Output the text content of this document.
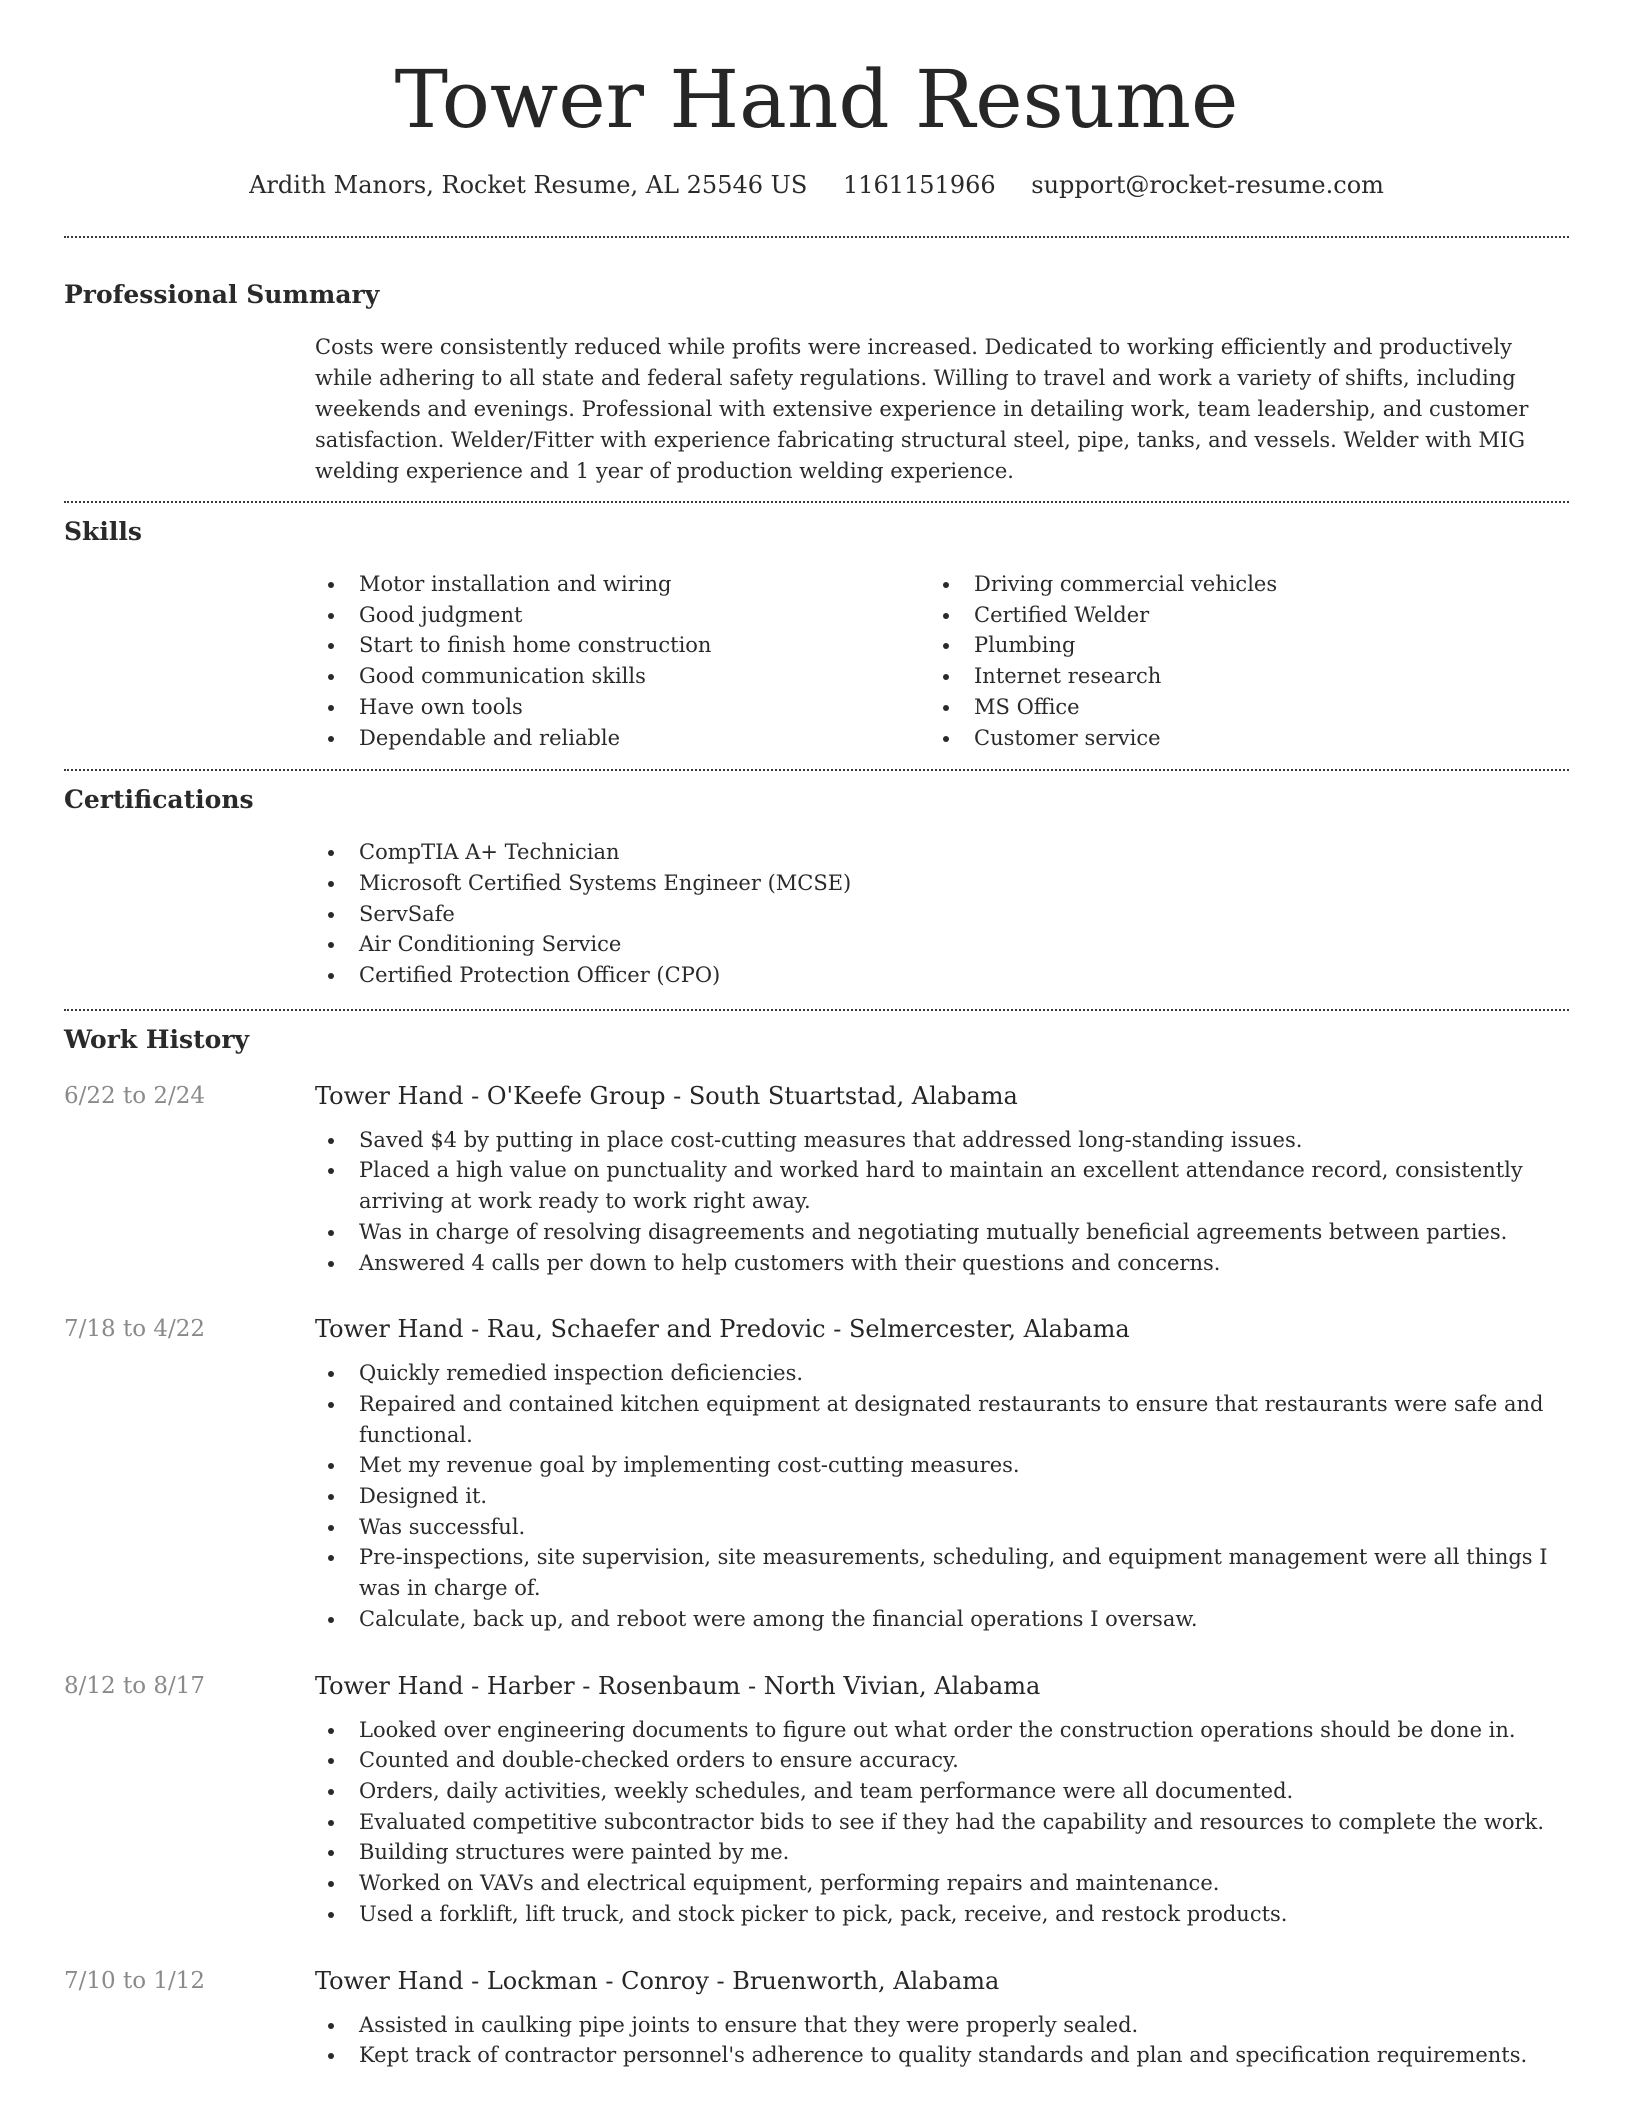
Tower Hand Resume
Ardith Manors, Rocket Resume, AL 25546 US 1161151966 support@rocket-resume.com
Professional Summary

Costs were consistently reduced while profits were increased. Dedicated to working efficiently and productively while adhering to all state and federal safety regulations. Willing to travel and work a variety of shifts, including weekends and evenings. Professional with extensive experience in detailing work, team leadership, and customer satisfaction. Welder/Fitter with experience fabricating structural steel, pipe, tanks, and vessels. Welder with MIG welding experience and 1 year of production welding experience.

Skills
Motor installation and wiring
Good judgment
Start to finish home construction
Good communication skills
Have own tools
Dependable and reliable
Driving commercial vehicles
Certified Welder
Plumbing
Internet research
MS Office
Customer service
Certifications
CompTIA A+ Technician
Microsoft Certified Systems Engineer (MCSE)
ServSafe
Air Conditioning Service
Certified Protection Officer (CPO)
Work History
6/22 to 2/24	Tower Hand - O'Keefe Group - South Stuartstad, Alabama
Saved $4 by putting in place cost-cutting measures that addressed long-standing issues.
Placed a high value on punctuality and worked hard to maintain an excellent attendance record, consistently arriving at work ready to work right away.
Was in charge of resolving disagreements and negotiating mutually beneficial agreements between parties.
Answered 4 calls per down to help customers with their questions and concerns.
7/18 to 4/22	Tower Hand - Rau, Schaefer and Predovic - Selmercester, Alabama
Quickly remedied inspection deficiencies.
Repaired and contained kitchen equipment at designated restaurants to ensure that restaurants were safe and functional.
Met my revenue goal by implementing cost-cutting measures.
Designed it.
Was successful.
Pre-inspections, site supervision, site measurements, scheduling, and equipment management were all things I was in charge of.
Calculate, back up, and reboot were among the financial operations I oversaw.
8/12 to 8/17	Tower Hand - Harber - Rosenbaum - North Vivian, Alabama
Looked over engineering documents to figure out what order the construction operations should be done in.
Counted and double-checked orders to ensure accuracy.
Orders, daily activities, weekly schedules, and team performance were all documented.
Evaluated competitive subcontractor bids to see if they had the capability and resources to complete the work.
Building structures were painted by me.
Worked on VAVs and electrical equipment, performing repairs and maintenance.
Used a forklift, lift truck, and stock picker to pick, pack, receive, and restock products.
7/10 to 1/12	Tower Hand - Lockman - Conroy - Bruenworth, Alabama
Assisted in caulking pipe joints to ensure that they were properly sealed.
Kept track of contractor personnel's adherence to quality standards and plan and specification requirements.
